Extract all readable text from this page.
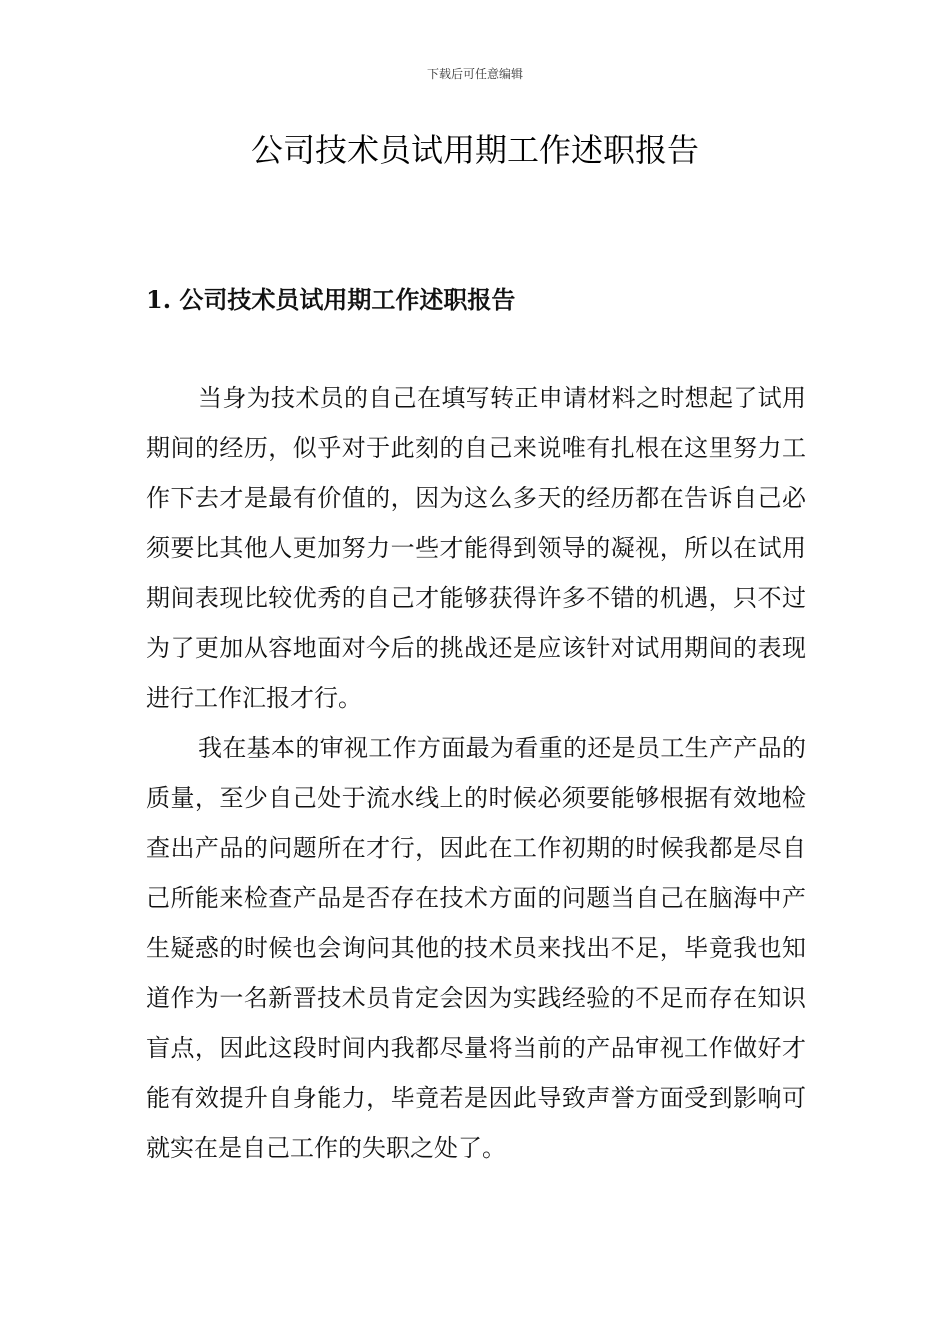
下载后可任意编辑
公司技术员试用期工作述职报告
1. 公司技术员试用期工作述职报告

当身为技术员的自己在填写转正申请材料之时想起了试用期间的经历，似乎对于此刻的自己来说唯有扎根在这里努力工作下去才是最有价值的，因为这么多天的经历都在告诉自己必须要比其他人更加努力一些才能得到领导的凝视，所以在试用期间表现比较优秀的自己才能够获得许多不错的机遇，只不过为了更加从容地面对今后的挑战还是应该针对试用期间的表现进行工作汇报才行。

我在基本的审视工作方面最为看重的还是员工生产产品的质量，至少自己处于流水线上的时候必须要能够根据有效地检查出产品的问题所在才行，因此在工作初期的时候我都是尽自己所能来检查产品是否存在技术方面的问题当自己在脑海中产生疑惑的时候也会询问其他的技术员来找出不足，毕竟我也知道作为一名新晋技术员肯定会因为实践经验的不足而存在知识盲点，因此这段时间内我都尽量将当前的产品审视工作做好才能有效提升自身能力，毕竟若是因此导致声誉方面受到影响可就实在是自己工作的失职之处了。
